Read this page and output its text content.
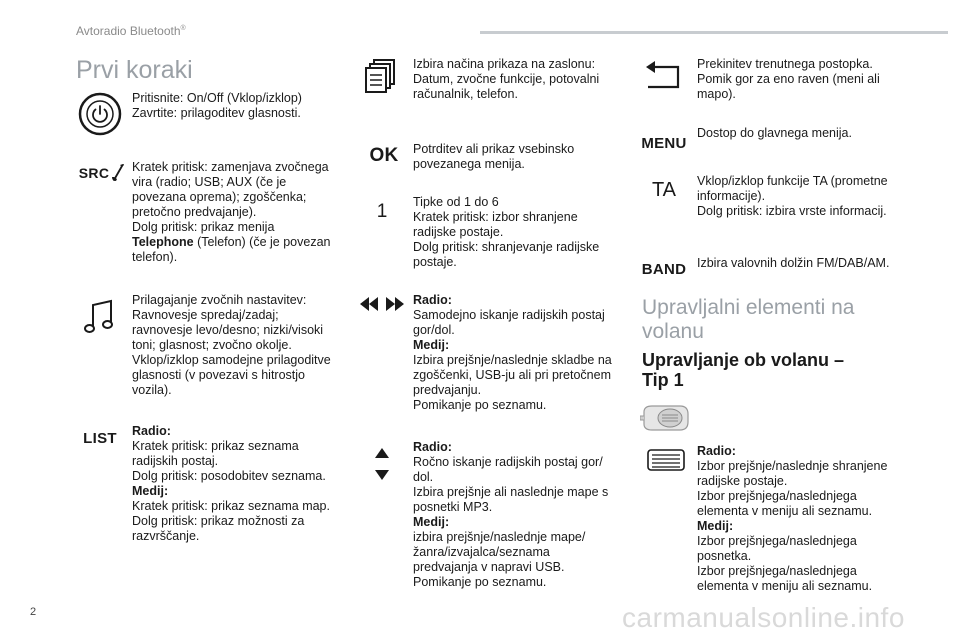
Avtoradio Bluetooth®
Prvi koraki
Pritisnite: On/Off (Vklop/izklop)
Zavrtite: prilagoditev glasnosti.
SRC Kratek pritisk: zamenjava zvočnega
vira (radio; USB; AUX (če je
povezana oprema); zgoščenka;
pretočno predvajanje).
Dolg pritisk: prikaz menija
Telephone (Telefon) (če je povezan
telefon).
Prilagajanje zvočnih nastavitev:
Ravnovesje spredaj/zadaj;
ravnovesje levo/desno; nizki/visoki
toni; glasnost; zvočno okolje.
Vklop/izklop samodejne prilagoditve
glasnosti (v povezavi s hitrostjo
vozila).
LIST Radio:
Kratek pritisk: prikaz seznama
radijskih postaj.
Dolg pritisk: posodobitev seznama.
Medij:
Kratek pritisk: prikaz seznama map.
Dolg pritisk: prikaz možnosti za
razvrščanje.
Izbira načina prikaza na zaslonu:
Datum, zvočne funkcije, potovalni
računalnik, telefon.
OK Potrditev ali prikaz vsebinsko
povezanega menija.
1 Tipke od 1 do 6
Kratek pritisk: izbor shranjene
radijske postaje.
Dolg pritisk: shranjevanje radijske
postaje.
Radio:
Samodejno iskanje radijskih postaj
gor/dol.
Medij:
Izbira prejšnje/naslednje skladbe na
zgoščenki, USB-ju ali pri pretočnem
predvajanju.
Pomikanje po seznamu.
Radio:
Ročno iskanje radijskih postaj gor/
dol.
Izbira prejšnje ali naslednje mape s
posnetki MP3.
Medij:
izbira prejšnje/naslednje mape/
žanra/izvajalca/seznama
predvajanja v napravi USB.
Pomikanje po seznamu.
Prekinitev trenutnega postopka.
Pomik gor za eno raven (meni ali
mapo).
MENU
Dostop do glavnega menija.
TA Vklop/izklop funkcije TA (prometne
informacije).
Dolg pritisk: izbira vrste informacij.
BAND Izbira valovnih dolžin FM/DAB/AM.
Upravljalni elementi na
volanu
Upravljanje ob volanu –
Tip 1
Radio:
Izbor prejšnje/naslednje shranjene
radijske postaje.
Izbor prejšnjega/naslednjega
elementa v meniju ali seznamu.
Medij:
Izbor prejšnjega/naslednjega
posnetka.
Izbor prejšnjega/naslednjega
elementa v meniju ali seznamu.
2	carmanualsonline.info
